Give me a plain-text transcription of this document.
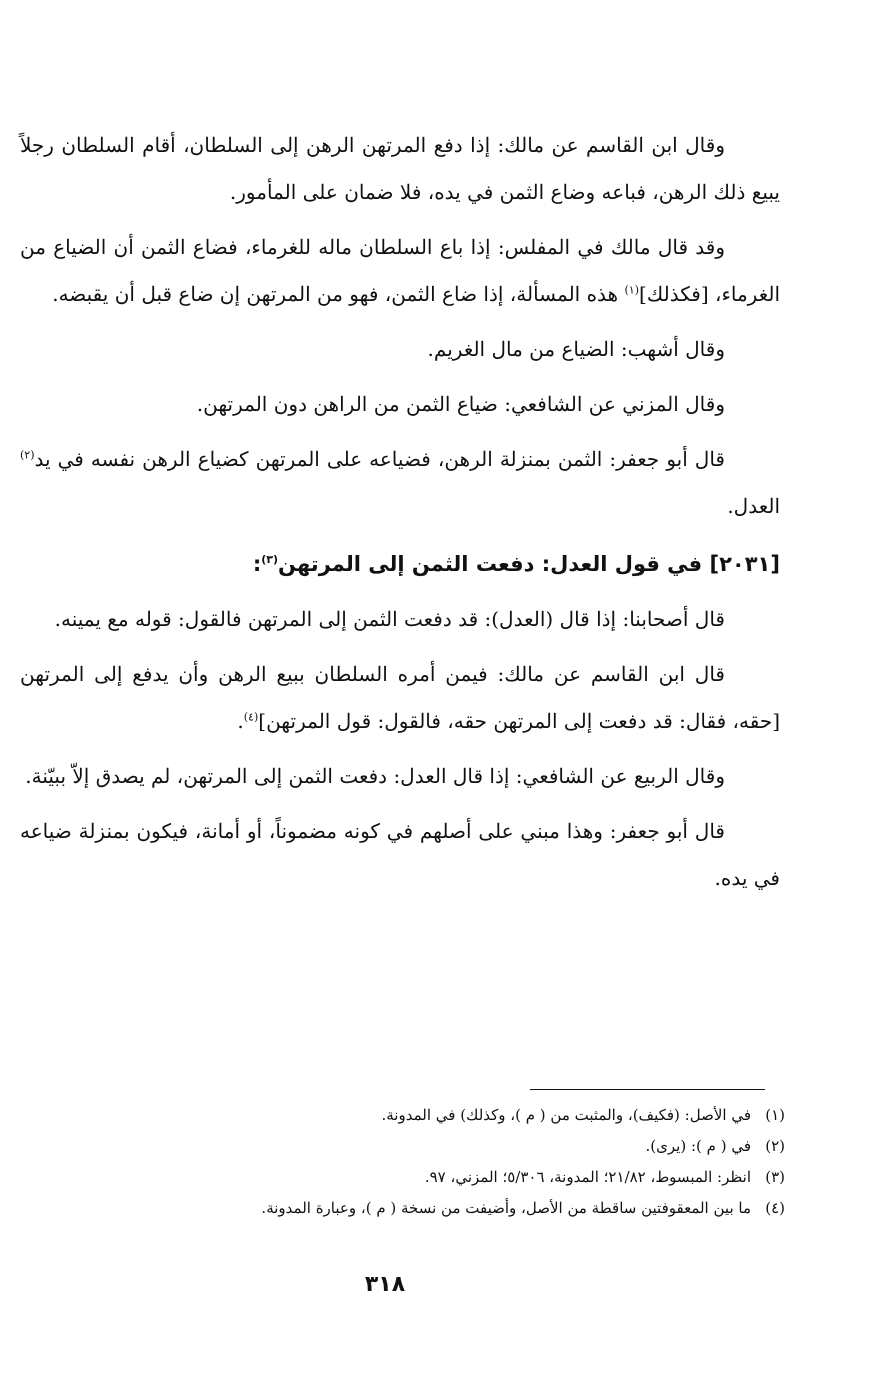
وقال ابن القاسم عن مالك: إذا دفع المرتهن الرهن إلى السلطان، أقام السلطان رجلاً يبيع ذلك الرهن، فباعه وضاع الثمن في يده، فلا ضمان على المأمور.

وقد قال مالك في المفلس: إذا باع السلطان ماله للغرماء، فضاع الثمن أن الضياع من الغرماء، [فكذلك]$^{(١)}$ هذه المسألة، إذا ضاع الثمن، فهو من المرتهن إن ضاع قبل أن يقبضه.

وقال أشهب: الضياع من مال الغريم.

وقال المزني عن الشافعي: ضياع الثمن من الراهن دون المرتهن.

قال أبو جعفر: الثمن بمنزلة الرهن، فضياعه على المرتهن كضياع الرهن نفسه في يد$^{(٢)}$ العدل.

[٢٠٣١] في قول العدل: دفعت الثمن إلى المرتهن$^{(٣)}$:

قال أصحابنا: إذا قال (العدل): قد دفعت الثمن إلى المرتهن فالقول: قوله مع يمينه.

قال ابن القاسم عن مالك: فيمن أمره السلطان ببيع الرهن وأن يدفع إلى المرتهن [حقه، فقال: قد دفعت إلى المرتهن حقه، فالقول: قول المرتهن]$^{(٤)}$.

وقال الربيع عن الشافعي: إذا قال العدل: دفعت الثمن إلى المرتهن، لم يصدق إلاّ ببيّنة.

قال أبو جعفر: وهذا مبني على أصلهم في كونه مضموناً، أو أمانة، فيكون بمنزلة ضياعه في يده.

(١)في الأصل: (فكيف)، والمثبت من ( م )، وكذلك) في المدونة.
(٢)في ( م ): (يرى).
(٣)انظر: المبسوط، ٢١/٨٢؛ المدونة، ٥/٣٠٦؛ المزني، ٩٧.
(٤)ما بين المعقوفتين ساقطة من الأصل، وأضيفت من نسخة ( م )، وعبارة المدونة.
٣١٨
